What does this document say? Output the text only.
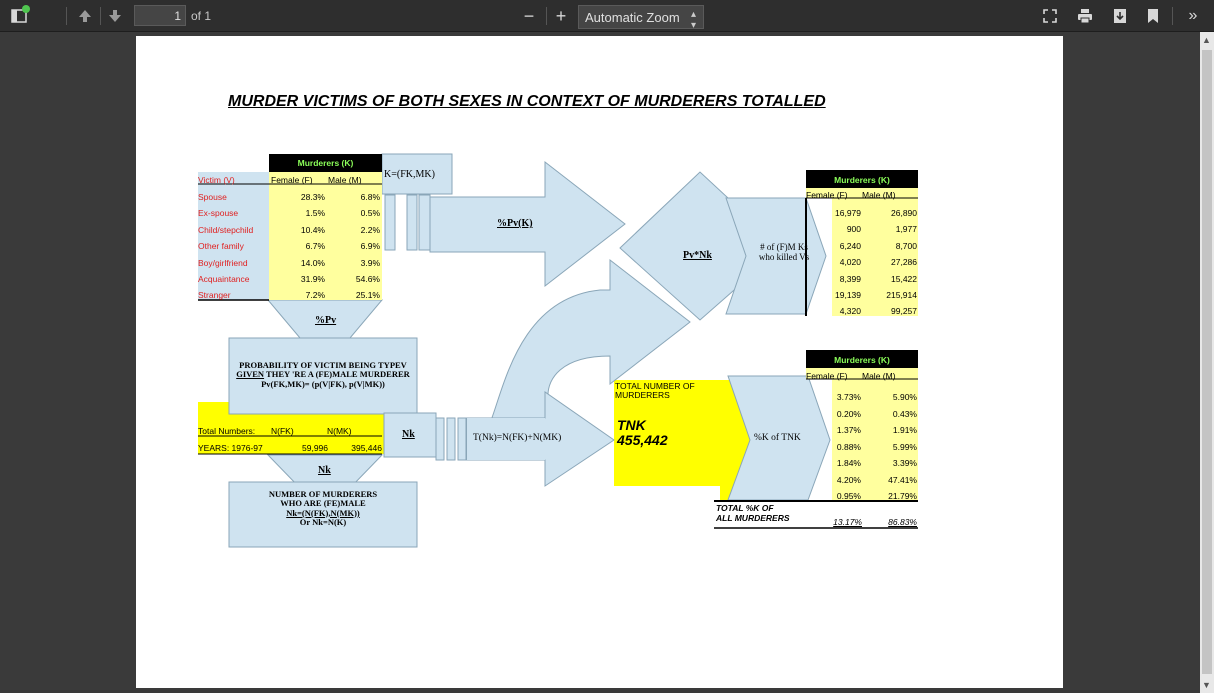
1
of 1	− + Automatic Zoom ▴
▾
»
▲
▼
MURDER VICTIMS OF BOTH SEXES IN CONTEXT OF MURDERERS TOTALLED
Murderers (K)
Victim (V)	Female (F) Male (M)
Spouse	28.3%	6.8%
Ex-spouse	1.5%	0.5%
Child/stepchild	10.4%	2.2%
Other family	6.7%	6.9%
Boy/girlfriend	14.0%	3.9%
Acquaintance	31.9%	54.6%
Stranger	7.2%	25.1%
K=(FK,MK)
%Pv
PROBABILITY OF VICTIM BEING TYPEV
GIVEN THEY 'RE A (FE)MALE MURDERER
Pv(FK,MK)= (p(V|FK), p(V|MK))
Total Numbers: N(FK)	N(MK)
YEARS: 1976-97	59,996	395,446
Nk
Nk
NUMBER OF MURDERERS
WHO ARE (FE)MALE
Nk=(N(FK),N(MK))
Or Nk=N(K)
%Pv(K)
Pv*Nk
# of (F)M Ks
who killed Vs
T(Nk)=N(FK)+N(MK)
TOTAL NUMBER OF
MURDERERS
TNK
455,442	%K of TNK
Murderers (K)
Female (F) Male (M)
16,979	26,890
900	1,977
6,240	8,700
4,020	27,286
8,399	15,422
19,139	215,914
4,320	99,257
Murderers (K)
Female (F) Male (M)
3.73%	5.90%
0.20%	0.43%
1.37%	1.91%
0.88%	5.99%
1.84%	3.39%
4.20%	47.41%
0.95%	21.79%
TOTAL %K OF
ALL MURDERERS	13.17%	86.83%
